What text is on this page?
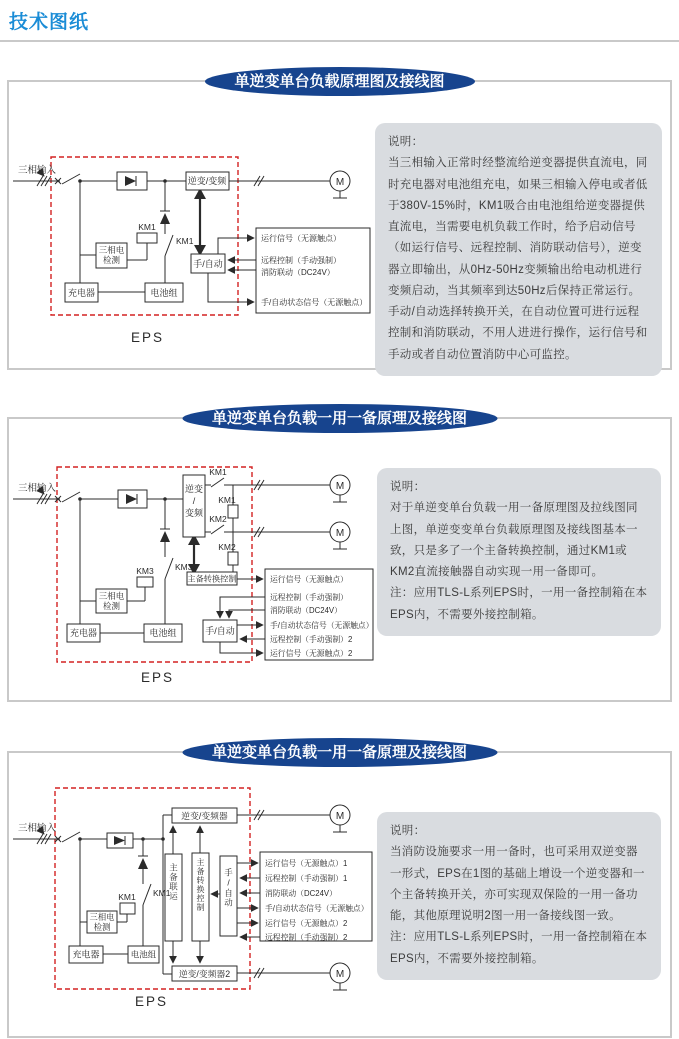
技术图纸
单逆变单台负载原理图及接线图
逆变/变频
KM1
KM1
三相电
检测
充电器	电池组
手/自动
运行信号（无源触点）
远程控制（手动强制）
消防联动（DC24V）
手/自动状态信号（无源触点）
M
三相输入
EPS
说明：
当三相输入正常时经整流给逆变器提供直流电，同时充电器对电池组充电，如果三相输入停电或者低于380V-15%时，KM1吸合由电池组给逆变器提供直流电，当需要电机负载工作时，给予启动信号（如运行信号、远程控制、消防联动信号），逆变器立即输出，从0Hz-50Hz变频输出给电动机进行变频启动，当其频率到达50Hz后保持正常运行。手动/自动选择转换开关，在自动位置可进行远程控制和消防联动，不用人进进行操作，运行信号和手动或者自动位置消防中心可监控。
单逆变单台负载一用一备原理及接线图
逆变
/
变频
KM1
KM1
KM2
KM2
主备转换控制
KM3	KM3
三相电
检测
充电器	电池组	手/自动
运行信号（无源触点）
远程控制（手动强制）
消防联动（DC24V）
手/自动状态信号（无源触点）
远程控制（手动强制）2
运行信号（无源触点）2
M
M
三相输入
EPS
说明：
对于单逆变单台负载一用一备原理图及拉线图同上图，单逆变变单台负载原理图及接线图基本一致，只是多了一个主备转换控制，通过KM1或KM2直流接触器自动实现一用一备即可。
注：应用TLS-L系列EPS时，一用一备控制箱在本EPS内，不需要外接控制箱。
单逆变单台负载一用一备原理及接线图
逆变/变频器
主备联运 主备转换控制 手/自动
KM1 KM1
三相电
检测
充电器	电池组
逆变/变频器2
运行信号（无源触点）1
远程控制（手动强制）1
消防联动（DC24V）
手/自动状态信号（无源触点）
运行信号（无源触点）2
远程控制（手动强制）2
M
M
三相输入
EPS
说明：
当消防设施要求一用一备时，也可采用双逆变器一形式，EPS在1图的基础上增设一个逆变器和一个主备转换开关，亦可实现双保险的一用一备功能，其他原理说明2图一用一备接线图一致。
注：应用TLS-L系列EPS时，一用一备控制箱在本EPS内，不需要外接控制箱。
